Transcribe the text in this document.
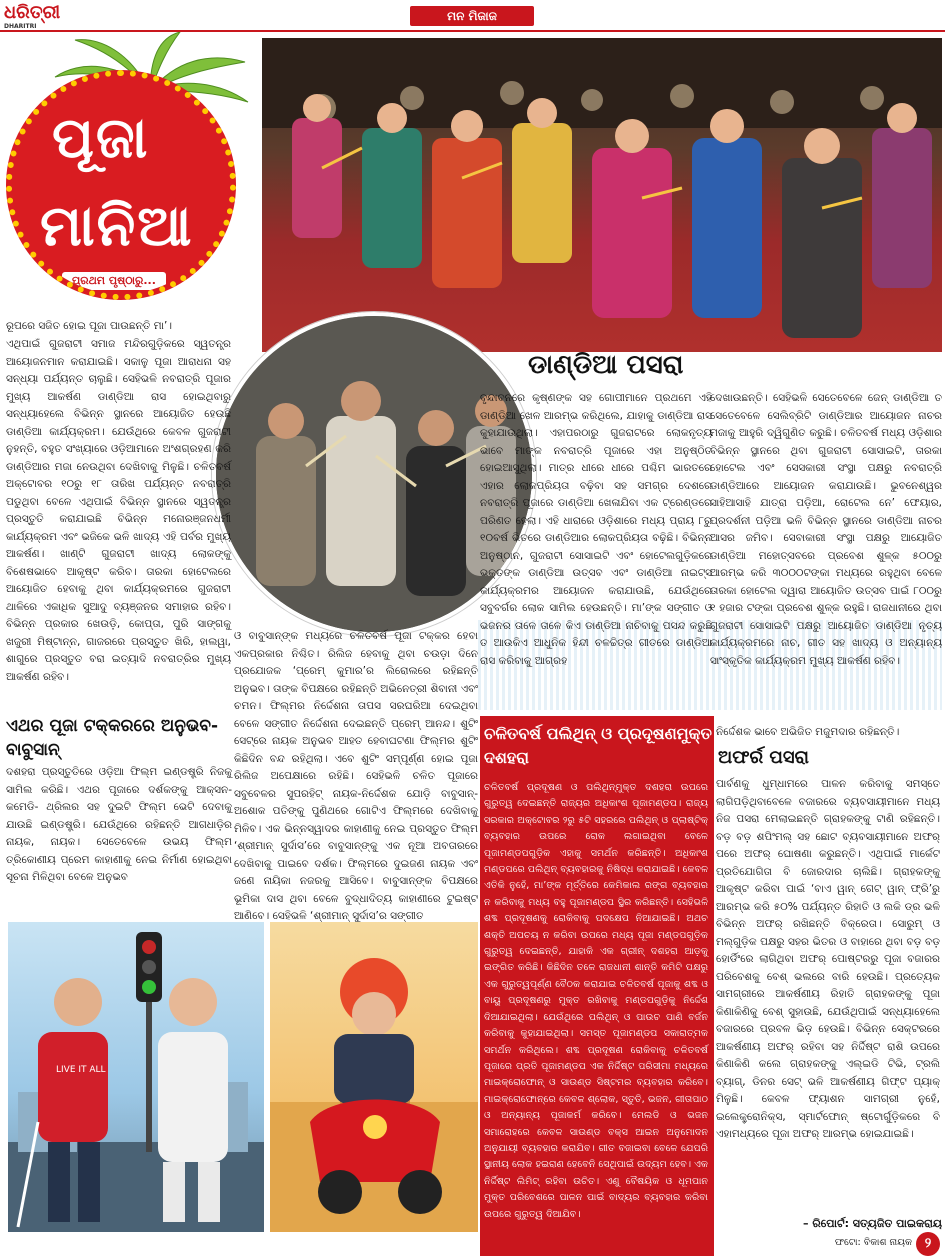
ଧରିତ୍ରୀ
DHARITRI
ମନ ମିଜାଜ
ପୂଜା
ମାନିଆ
ପ୍ରଥମ ପୃଷ୍ଠାରୁ...
ଡାଣ୍ଡିଆ ପସରା
ରୂପରେ ସଜିତ ହୋଇ ପୂଜା ପାଉଛନ୍ତି ମା’।
ଏଥିପାଇଁ ଗୁଜରାଟୀ ସମାଜ ମନ୍ଦିରଗୁଡ଼ିକରେ ସ୍ୱତନ୍ତ୍ର ଆୟୋଜନମାନ କରାଯାଇଛି। ସକାଳୁ ପୂଜା ଆରାଧନା ସହ ସନ୍ଧ୍ୟା ପର୍ଯ୍ୟନ୍ତ ଚାଲୁଛି। ସେହିଭଳି ନବରାତ୍ରି ପୂଜାର ମୁଖ୍ୟ ଆକର୍ଷଣ ଡାଣ୍ଡିଆ ରାସ ହୋଇଥିବାରୁ ସନ୍ଧ୍ୟାହେଲେ ବିଭିନ୍ନ ସ୍ଥାନରେ ଆୟୋଜିତ ହେଉଛି ଡାଣ୍ଡିଆ କାର୍ଯ୍ୟକ୍ରମ। ଯେଉଁଥିରେ କେବଳ ଗୁଜରାଟୀ ନୁହନ୍ତି, ବହୁତ ସଂଖ୍ୟାରେ ଓଡ଼ିଆମାନେ ଅଂଶଗ୍ରହଣ କରି ଡାଣ୍ଡିଆର ମଜା ନେଉଥିବା ଦେଖିବାକୁ ମିଳୁଛି। ଚଳିତବର୍ଷ ଅକ୍ଟୋବର ୧୦ରୁ ୧୮ ତାରିଖ ପର୍ଯ୍ୟନ୍ତ ନବରାତ୍ରି ପଡୁଥିବା ବେଳେ ଏଥିପାଇଁ ବିଭିନ୍ନ ସ୍ଥାନରେ ସ୍ୱତନ୍ତ୍ର ପ୍ରସ୍ତୁତି କରାଯାଇଛି ବିଭିନ୍ନ ମନୋରଞ୍ଜନଧର୍ମୀ କାର୍ଯ୍ୟକ୍ରମ ଏବଂ ଭଜିକେ ଭଳି ଖାଦ୍ୟ ଏହି ପର୍ବର ମୁଖ୍ୟ ଆକର୍ଷଣ। ଖାଣ୍ଟି ଗୁଜରାଟୀ ଖାଦ୍ୟ ଲୋକଙ୍କୁ ବିଶେଷଭାବେ ଆକୃଷ୍ଟ କରିବ। ତାରକା ହୋଟେଲରେ ଆୟୋଜିତ ହେବାକୁ ଥିବା କାର୍ଯ୍ୟକ୍ରମରେ ଗୁଜରାଟୀ ଥାଳିରେ ଏକାଧିକ ସୁଆଦୁ ବ୍ୟଞ୍ଜନର ସମାହାର ରହିବ। ବିଭିନ୍ନ ପ୍ରକାର ଖେଉଡ଼ି, କୋପ୍ତା, ପୁରି ସାଙ୍ଗକୁ ଖଜୁରୀ ମିଷ୍ଟାନ୍ନ, ଗାଜରରେ ପ୍ରସ୍ତୁତ ଖିରି, ହାଲୱା, ଶାଗୁରେ ପ୍ରସ୍ତୁତ ବରା ଇତ୍ୟାଦି ନବରାତ୍ରିର ମୁଖ୍ୟ ଆକର୍ଷଣ ରହିବ।
ବୃନ୍ଦାବନରେ କୃଷ୍ଣଙ୍କ ସହ ଗୋପୀମାନେ ପ୍ରଥମେ ଏହି ଡାଣ୍ଡିଆ ଖେଳ ଆରମ୍ଭ କରିଥିଲେ, ଯାହାକୁ ଡାଣ୍ଡିଆ ରାସ କୁହାଯାଉଥିଲା। ଏହାପରଠାରୁ ଗୁଜରାଟରେ ଲୋକନୃତ୍ୟ ଭାବେ ମାଙ୍କ ନବରାତ୍ରି ପୂଜାରେ ଏହା ଅନୁଷ୍ଠିତ ହୋଇଆସୁଥିଲା। ମାତ୍ର ଧୀରେ ଧୀରେ ପଶ୍ଚିମ ଭାରତରେ ଏହାର ଲୋକପ୍ରିୟତା ବଢ଼ିବା ସହ ସମଗ୍ର ଦେଶରେ ନବରାତ୍ରି ପୂଜାରେ ଡାଣ୍ଡିଆ ଖେଳାଯିବା ଏକ ଟ୍ରେଣ୍ଡରେ ପରିଣତ ହେଲା। ଏହି ଧାରାରେ ଓଡ଼ିଶାରେ ମଧ୍ୟ ପ୍ରାୟ ୮ରୁ ୧୦ବର୍ଷ ଭିତରେ ଡାଣ୍ଡିଆର ଲୋକପ୍ରିୟତା ବଢ଼ିଛି। ବିଭିନ୍ନ ଅନୁଷ୍ଠାନ, ଗୁଜରାଟୀ ସୋସାଇଟି ଏବଂ ହୋଟେଲଗୁଡ଼ିକରେ ଭକ୍ତଙ୍କ ଡାଣ୍ଡିଆ ଉତ୍ସବ ଏବଂ ଡାଣ୍ଡିଆ ନାଇଟ୍ସ କାର୍ଯ୍ୟକ୍ରମର ଆୟୋଜନ କରାଯାଉଛି, ଯେଉଁଥିରେ ସବୁବର୍ଗର ଲୋକ ସାମିଲ ହେଉଛନ୍ତି। ମା’ଙ୍କ ସଙ୍ଗୀତ ଓ ଭଜନର ତାଳେ ତାଳେ କିଏ ଡାଣ୍ଡିଆ ନାଚିବାକୁ ପସନ୍ଦ କରୁଛି ତ ଆଉକିଏ ଆଧୁନିକ ହିନ୍ଦୀ ଚଳଚ୍ଚିତ୍ର ଗୀତରେ ଡାଣ୍ଡିଆ ରାସ କରିବାକୁ ଆଗ୍ରହ
ଦେଖାଉଛନ୍ତି। ସେହିଭଳି ସେତେବେଳେ ଜେନ୍ ଡାଣ୍ଡିଆ ତ ସେତେବେଳେ ସେଲିବ୍ରିଟି ଡାଣ୍ଡିଆର ଆୟୋଜନ ନାଚର ମଜାକୁ ଆହୁରି ଦ୍ୱିଗୁଣିତ କରୁଛି। ଚଳିତବର୍ଷ ମଧ୍ୟ ଓଡ଼ିଶାର ବିଭିନ୍ନ ସ୍ଥାନରେ ଥିବା ଗୁଜରାଟୀ ସୋସାଇଟି, ତାରକା ହୋଟେଲ ଏବଂ ସେସକାରୀ ସଂସ୍ଥା ପକ୍ଷରୁ ନବରାତ୍ରି ଡାଣ୍ଡିଆରେ ଆୟୋଜନ କରାଯାଉଛି। ଭୁବନେଶ୍ୱର ସାହିଆସାହି ଯାତ୍ରା ପଡ଼ିଆ, ରୋଟେଲ ନେ’ ଫେୟାର, ପ୍ରଦର୍ଶନୀ ପଡ଼ିଆ ଭଳି ବିଭିନ୍ନ ସ୍ଥାନରେ ଡାଣ୍ଡିଆ ନାଚର ଆସର ଜମିବ। ସେବାକାରୀ ସଂସ୍ଥା ପକ୍ଷରୁ ଆୟୋଜିତ ଡାଣ୍ଡିଆ ମହୋତ୍ସବରେ ପ୍ରବେଶ ଶୁଳ୍କ ୫୦୦ରୁ ଆରମ୍ଭ କରି ୩୦୦୦ଟଙ୍କା ମଧ୍ୟରେ ରହୁଥିବା ବେଳେ ତାରକା ହୋଟେଲ ଦ୍ୱାରା ଆୟୋଜିତ ଉତ୍ସବ ପାଇଁ ୮୦୦ରୁ ୧ ହଜାର ଟଙ୍କା ପ୍ରବେଶ ଶୁଳ୍କ ରହୁଛି। ରାଜଧାନୀରେ ଥିବା ଗୁଜରାଟୀ ସୋସାଇଟି ପକ୍ଷରୁ ଆୟୋଜିତ ଡାଣ୍ଡିଆ ନୃତ୍ୟ କାର୍ଯ୍ୟକ୍ରମରେ ନାଚ, ଗୀତ ସହ ଖାଦ୍ୟ ଓ ଅନ୍ୟାନ୍ୟ ସାଂସ୍କୃତିକ କାର୍ଯ୍ୟକ୍ରମ ମୁଖ୍ୟ ଆକର୍ଷଣ ରହିବ।
ଓ ବାବୁସାନ୍ଙ୍କ ମଧ୍ୟରେ ଚଳିତବର୍ଷ ପୂଜା ଟକ୍କର ହେବା ଏକପ୍ରକାର ନିଶ୍ଚିତ। ରିଲିଜ ହେବାକୁ ଥିବା ଚଉଡ଼ା ଦିନେ ପ୍ରଯୋଜକ ‘ପ୍ରେମ୍ କୁମାର’ର ଲିରୋଲରେ ରହିଛନ୍ତି ଅନୁଭବ। ତାଙ୍କ ବିପକ୍ଷରେ ରହିଛନ୍ତି ଅଭିନେତ୍ରୀ ଶିବାନୀ ଏବଂ ଚମନ। ଫିଲ୍ମର ନିର୍ଦ୍ଦେଶନା ତାପସ ସରଘରିଆ ଦେଇଥିବା ବେଳେ ସଙ୍ଗୀତ ନିର୍ଦ୍ଦେଶନା ଦେଇଛନ୍ତି ପ୍ରେମ୍ ଆନନ୍ଦ। ଶୁଟିଂ ସେଟ୍ରେ ନାୟକ ଅନୁଭବ ଆହତ ହେବାଘଟଣା ଫିଲ୍ମର ଶୁଟିଂ କିଛିଦିନ ବନ୍ଦ ରହିଥିଲା। ଏବେ ଶୁଟିଂ ସମ୍ପୂର୍ଣ୍ଣ ହୋଇ ପୂଜା ରିଲିଜ ଅପେକ୍ଷାରେ ରହିଛି। ସେହିଭଳି ଚଳିତ ପୂଜାରେ ସବୁବେଳର ସୁପରହିଟ୍ ନାୟକ-ନିର୍ଦ୍ଦେଶକ ଯୋଡ଼ି ବାବୁସାନ୍-ଅଶୋକ ପତିଙ୍କୁ ପୁଣିଥରେ ଗୋଟିଏ ଫିଲ୍ମରେ ଦେଖିବାକୁ ମିଳିବ। ଏକ ଭିନ୍ନସ୍ୱାଦର କାହାଣୀକୁ ନେଇ ପ୍ରସ୍ତୁତ ଫିଲ୍ମ ‘ଶ୍ରୀମାନ୍ ସୁର୍ଦାସ’ରେ ବାବୁସାନ୍ଙ୍କୁ ଏକ ନୂଆ ଅବତାରରେ ଦେଖିବାକୁ ପାଇବେ ଦର୍ଶକ। ଫିଲ୍ମରେ ଦୁଇଜଣ ନାୟକ ଏବଂ ଜଣେ ନାୟିକା ନଜରକୁ ଆସିବେ। ବାବୁସାନ୍ଙ୍କ ବିପକ୍ଷରେ ଭୂମିକା ଦାସ ଥିବା ବେଳେ ବୁଦ୍ଧାଦିତ୍ୟ କାହାଣୀରେ ଟୁଇଷ୍ଟ ଆଣିବେ। ସେହିଭଳି ‘ଶ୍ରୀମାନ୍ ସୁର୍ଦାସ’ର ସଙ୍ଗୀତ
ଏଥର ପୂଜା ଟକ୍କରରେ ଅନୁଭବ- ବାବୁସାନ୍
ଦଶହରା ପ୍ରସ୍ତୁତିରେ ଓଡ଼ିଆ ଫିଲ୍ମ ଇଣ୍ଡଷ୍ଟ୍ରି ନିଜକୁ ସାମିଲ କରିଛି। ଏଥର ପୂଜାରେ ଦର୍ଶକଙ୍କୁ ଆକ୍ସନ- କମେଡି- ଥ୍ରିଲର ସହ ଦୁଇଟି ଫିଲ୍ମ ଭେଟି ଦେବାକୁ ଯାଉଛି ଇଣ୍ଡଷ୍ଟ୍ରି। ଯେଉଁଥିରେ ରହିଛନ୍ତି ଆଗଧାଡ଼ିର ନାୟକ, ନାୟକ। ସେତେବେଳେ ଉଭୟ ଫିଲ୍ମ ତ୍ରିକୋଣୀୟ ପ୍ରେମ କାହାଣୀକୁ ନେଇ ନିର୍ମାଣ ହୋଇଥିବା ସୂଚନା ମିଳିଥିବା ବେଳେ ଅନୁଭବ
ଚଳିତବର୍ଷ ପଲିଥିନ୍ ଓ ପ୍ରଦୂଷଣମୁକ୍ତ ଦଶହରା
ଚଳିତବର୍ଷ ପ୍ରଦୂଷଣ ଓ ପଲିଥିନ୍ମୁକ୍ତ ଦଶହରା ଉପରେ ଗୁରୁତ୍ୱ ଦେଇଛନ୍ତି ରାଜ୍ୟର ଅଧିକାଂଶ ପୂଜାମଣ୍ଡପ। ରାଜ୍ୟ ସରକାର ଅକ୍ଟୋବର ୨ରୁ ୫ଟି ସହରରେ ପଲିଥିନ୍ ଓ ପ୍ଲାଷ୍ଟିକ୍ ବ୍ୟବହାର ଉପରେ ରୋକ ଲଗାଇଥିବା ବେଳେ ପୂଜାମଣ୍ଡପଗୁଡ଼ିକ ଏହାକୁ ସମର୍ଥନ କରିଛନ୍ତି। ଅଧିକାଂଶ ମଣ୍ଡପରେ ପଲିଥିନ୍ ବ୍ୟବହାରକୁ ନିଷିଦ୍ଧ କରାଯାଇଛି। କେବଳ ଏତିକି ନୁହେଁ, ମା’ଙ୍କ ମୂର୍ତ୍ତିରେ କେମିକାଲ ରଙ୍ଗ ବ୍ୟବହାର ନ କରିବାକୁ ମଧ୍ୟ ବହୁ ପୂଜାମଣ୍ଡପ ସ୍ଥିର କରିଛନ୍ତି। ସେହିଭଳି ଶବ୍ଦ ପ୍ରଦୂଷଣକୁ ରୋକିବାକୁ ପଦକ୍ଷେପ ନିଆଯାଇଛି। ଅଥଚ ଶକ୍ତି ଅପଚୟ ନ କରିବା ଉପରେ ମଧ୍ୟ ପୂଜା ମଣ୍ଡପଗୁଡ଼ିକ ଗୁରୁତ୍ୱ ଦେଇଛନ୍ତି, ଯାହାକି ଏକ ଗ୍ରୀନ୍ ଦଶହରା ଆଡ଼କୁ ଇଙ୍ଗିତ କରିଛି। କିଛିଦିନ ତଳେ ରାଜଧାନୀ ଶାନ୍ତି କମିଟି ପକ୍ଷରୁ ଏକ ଗୁରୁତ୍ୱପୂର୍ଣ୍ଣ ବୈଠକ କରାଯାଇ ଚଳିତବର୍ଷ ପୂଜାକୁ ଶବ୍ଦ ଓ ବାୟୁ ପ୍ରଦୂଷଣରୁ ମୁକ୍ତ ରଖିବାକୁ ମଣ୍ଡପଗୁଡ଼ିକୁ ନିର୍ଦ୍ଦେଶ ଦିଆଯାଇଥିଲା। ଯେଉଁଥିରେ ପଲିଥିନ୍ ଓ ପାଉଚ ପାଣି ବର୍ଜନ କରିବାକୁ କୁହାଯାଇଥିଲା। ସମସ୍ତ ପୂଜାମଣ୍ଡପ ସକାରାତ୍ମକ ସମର୍ଥନ କରିଥିଲେ। ଶବ୍ଦ ପ୍ରଦୂଷଣ ରୋକିବାକୁ ଚଳିତବର୍ଷ ପୂଜାରେ ପ୍ରତି ପୂଜାମଣ୍ଡପ ଏକ ନିର୍ଦ୍ଦିଷ୍ଟ ପରିସୀମା ମଧ୍ୟରେ ମାଇକ୍ରୋଫୋନ୍ ଓ ସାଉଣ୍ଡ ସିଷ୍ଟମର ବ୍ୟବହାର କରିବେ। ମାଇକ୍ରୋଫୋନ୍ରେ କେବଳ ଶ୍ଲୋକ, ସ୍ତୁତି, ଭଜନ, ଗୀତାପାଠ ଓ ଅନ୍ୟାନ୍ୟ ପୂଜାକର୍ମ କରିବେ। ମେଲଡି ଓ ଭଜନ ସମାରୋହରେ କେବଳ ସାଉଣ୍ଡ ବକ୍ସ ଆଇନ ଅନୁମୋଦନ ଅନୁଯାୟୀ ବ୍ୟବହାର କରାଯିବ। ଗୀତ ବଜାଇବା ବେଳେ ଯେପରି ସ୍ଥାନୀୟ ଲୋକ ହଇରାଣ ହେବେନି ସେଥିପାଇଁ ଉଦ୍ୟମ ହେବ। ଏକ ନିର୍ଦ୍ଦିଷ୍ଟ ଲିମିଟ୍ ରହିବା ଉଚିତ। ଏଣୁ ବୈଷୟିକ ଓ ଧୂମପାନ ମୁକ୍ତ ପରିବେଶରେ ପାଳନ ପାଇଁ ବାଦ୍ୟର ବ୍ୟବହାର କରିବା ଉପରେ ଗୁରୁତ୍ୱ ଦିଆଯିବ।
ନିର୍ଦ୍ଦେଶକ ଭାବେ ଅଭିଜିତ ମଜୁମଦାର ରହିଛନ୍ତି।
ଅଫର୍ର ପସରା
ପାର୍ବଣକୁ ଧୁମ୍ଧାମରେ ପାଳନ କରିବାକୁ ସମସ୍ତେ ଲାଗିପଡ଼ିଥିବାବେଳେ ବଜାରରେ ବ୍ୟବସାୟୀମାନେ ମଧ୍ୟ ନିଜ ପସରା ମେଲାଇଛନ୍ତି ଗ୍ରାହକଙ୍କୁ ଟାଣି ରହିଛନ୍ତି। ବଡ଼ ବଡ଼ ଶପିଂମଲ୍ ସହ ଛୋଟ ବ୍ୟବସାୟୀମାନେ ଅଫର୍ ପରେ ଅଫର୍ ଘୋଷଣା କରୁଛନ୍ତି। ଏଥିପାଇଁ ମାର୍କେଟ ପ୍ରତିଯୋଗିତା ବି ଜୋରଦାର ଚାଲିଛି। ଗ୍ରାହକଙ୍କୁ ଆକୃଷ୍ଟ କରିବା ପାଇଁ ‘ବାଏ ୱାନ୍ ଗେଟ୍ ୱାନ୍ ଫ୍ରି’ରୁ ଆରମ୍ଭ କରି ୫୦% ପର୍ଯ୍ୟନ୍ତ ରିହାତି ଓ ଲକି ଡ୍ର ଭଳି ବିଭିନ୍ନ ଅଫର୍ ରଖିଛନ୍ତି ବିକ୍ରେତା। ସୋରୁମ୍ ଓ ମଲ୍ଗୁଡ଼ିକ ପକ୍ଷରୁ ସହର ଭିତର ଓ ବାହାରେ ଥିବା ବଡ଼ ବଡ଼ ହୋର୍ଡିଂରେ ଲାଗିଥିବା ଅଫର୍ ପୋଷ୍ଟରରୁ ପୂଜା ବଜାରର ପରିବେଶକୁ ବେଶ୍ ଭଲରେ ବାରି ହେଉଛି। ପ୍ରତ୍ୟେକ ସାମଗ୍ରୀରେ ଆକର୍ଷଣୀୟ ରିହାତି ଗ୍ରାହକଙ୍କୁ ପୂଜା କିଣାକିଣିକୁ ବେଶ୍ ସୁହାଉଛି, ଯେଉଁଥିପାଇଁ ସନ୍ଧ୍ୟାହେଲେ ବଜାରରେ ପ୍ରବଳ ଭିଡ଼ ହେଉଛି। ବିଭିନ୍ନ ସେକ୍ଟରରେ ଆକର୍ଷଣୀୟ ଅଫର୍ ରହିବା ସହ ନିର୍ଦ୍ଦିଷ୍ଟ ରାଶି ଉପରେ କିଣାକିଣି କଲେ ଗ୍ରାହକଙ୍କୁ ଏଲ୍ଇଡି ଟିଭି, ଟ୍ରଲି ବ୍ୟାଗ୍, ଡିନର ସେଟ୍ ଭଳି ଆକର୍ଷଣୀୟ ଗିଫ୍ଟ ପ୍ୟାକ୍ ମିଳୁଛି। କେବଳ ଫ୍ୟାଶନ ସାମଗ୍ରୀ ନୁହେଁ, ଇଲେକ୍ଟ୍ରୋନିକ୍ସ, ସ୍ମାର୍ଟଫୋନ୍ ଷ୍ଟୋର୍ଗୁଡ଼ିକରେ ବି ଏହାମଧ୍ୟରେ ପୂଜା ଅଫର୍ ଆରମ୍ଭ ହୋଇଯାଇଛି।
LIVE IT ALL
– ରିପୋର୍ଟ: ସତ୍ୟଜିତ ପାଇକରାୟ
ଫଟୋ: ବିକାଶ ନାୟକ ୨
